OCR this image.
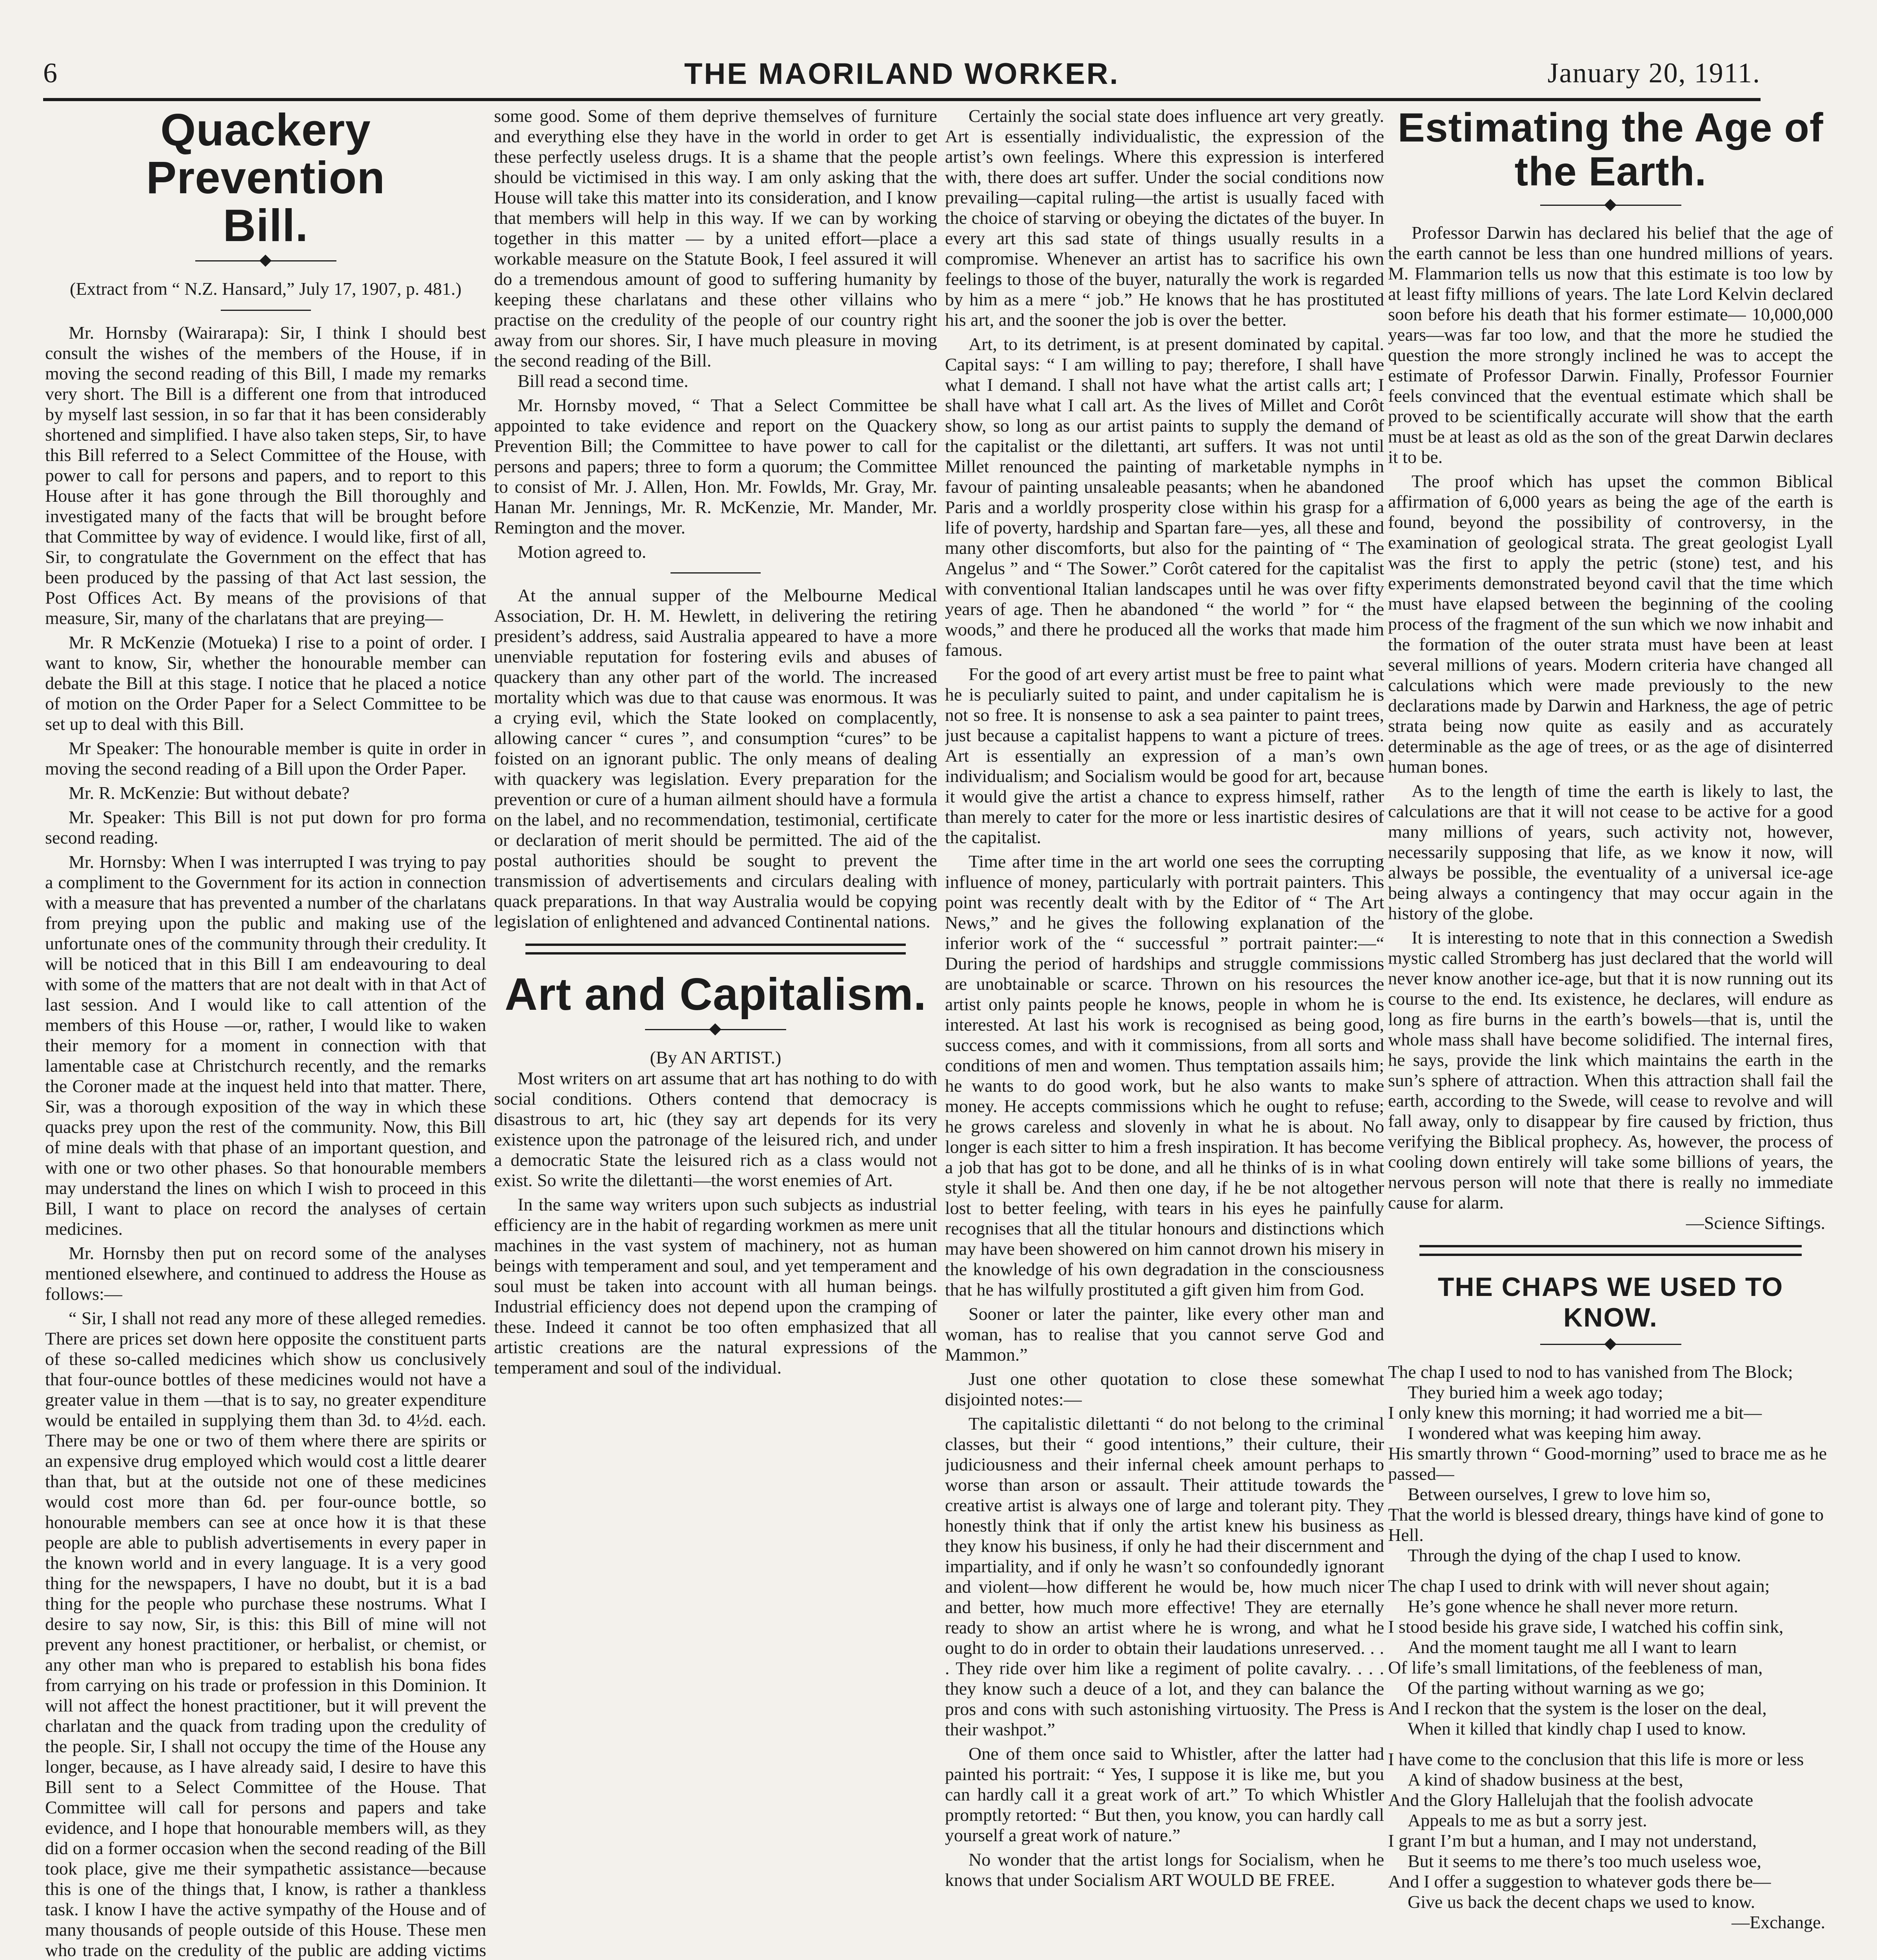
6	THE MAORILAND WORKER.	January 20, 1911.
Quackery Prevention
Bill.

(Extract from “ N.Z. Hansard,” July 17, 1907, p. 481.)

Mr. Hornsby (Wairarapa): Sir, I think I should best consult the wishes of the members of the House, if in moving the second reading of this Bill, I made my remarks very short. The Bill is a different one from that introduced by myself last session, in so far that it has been considerably shortened and simplified. I have also taken steps, Sir, to have this Bill referred to a Select Committee of the House, with power to call for persons and papers, and to report to this House after it has gone through the Bill thoroughly and investigated many of the facts that will be brought before that Committee by way of evidence. I would like, first of all, Sir, to congratulate the Government on the effect that has been produced by the passing of that Act last session, the Post Offices Act. By means of the provisions of that measure, Sir, many of the charlatans that are preying—

Mr. R McKenzie (Motueka) I rise to a point of order. I want to know, Sir, whether the honourable member can debate the Bill at this stage. I notice that he placed a notice of motion on the Order Paper for a Select Committee to be set up to deal with this Bill.

Mr Speaker: The honourable member is quite in order in moving the second reading of a Bill upon the Order Paper.

Mr. R. McKenzie: But without debate?

Mr. Speaker: This Bill is not put down for pro forma second reading.

Mr. Hornsby: When I was interrupted I was trying to pay a compliment to the Government for its action in connection with a measure that has prevented a number of the charlatans from preying upon the public and making use of the unfortunate ones of the community through their credulity. It will be noticed that in this Bill I am endeavouring to deal with some of the matters that are not dealt with in that Act of last session. And I would like to call attention of the members of this House —or, rather, I would like to waken their memory for a moment in connection with that lamentable case at Christchurch recently, and the remarks the Coroner made at the inquest held into that matter. There, Sir, was a thorough exposition of the way in which these quacks prey upon the rest of the community. Now, this Bill of mine deals with that phase of an important question, and with one or two other phases. So that honourable members may understand the lines on which I wish to proceed in this Bill, I want to place on record the analyses of certain medicines.

Mr. Hornsby then put on record some of the analyses mentioned elsewhere, and continued to address the House as follows:—

“ Sir, I shall not read any more of these alleged remedies. There are prices set down here opposite the constituent parts of these so-called medicines which show us conclusively that four-ounce bottles of these medicines would not have a greater value in them —that is to say, no greater expenditure would be entailed in supplying them than 3d. to 4½d. each. There may be one or two of them where there are spirits or an expensive drug employed which would cost a little dearer than that, but at the outside not one of these medicines would cost more than 6d. per four-ounce bottle, so honourable members can see at once how it is that these people are able to publish advertisements in every paper in the known world and in every language. It is a very good thing for the newspapers, I have no doubt, but it is a bad thing for the people who purchase these nostrums. What I desire to say now, Sir, is this: this Bill of mine will not prevent any honest practitioner, or herbalist, or chemist, or any other man who is prepared to establish his bona fides from carrying on his trade or profession in this Dominion. It will not affect the honest practitioner, but it will prevent the charlatan and the quack from trading upon the credulity of the people. Sir, I shall not occupy the time of the House any longer, because, as I have already said, I desire to have this Bill sent to a Select Committee of the House. That Committee will call for persons and papers and take evidence, and I hope that honourable members will, as they did on a former occasion when the second reading of the Bill took place, give me their sympathetic assistance—because this is one of the things that, I know, is rather a thankless task. I know I have the active sympathy of the House and of many thousands of people outside of this House. These men who trade on the credulity of the public are adding victims

some good. Some of them deprive themselves of furniture and everything else they have in the world in order to get these perfectly useless drugs. It is a shame that the people should be victimised in this way. I am only asking that the House will take this matter into its consideration, and I know that members will help in this way. If we can by working together in this matter — by a united effort—place a workable measure on the Statute Book, I feel assured it will do a tremendous amount of good to suffering humanity by keeping these charlatans and these other villains who practise on the credulity of the people of our country right away from our shores. Sir, I have much pleasure in moving the second reading of the Bill.

Bill read a second time.

Mr. Hornsby moved, “ That a Select Committee be appointed to take evidence and report on the Quackery Prevention Bill; the Committee to have power to call for persons and papers; three to form a quorum; the Committee to consist of Mr. J. Allen, Hon. Mr. Fowlds, Mr. Gray, Mr. Hanan Mr. Jennings, Mr. R. McKenzie, Mr. Mander, Mr. Remington and the mover.

Motion agreed to.

At the annual supper of the Melbourne Medical Association, Dr. H. M. Hewlett, in delivering the retiring president’s address, said Australia appeared to have a more unenviable reputation for fostering evils and abuses of quackery than any other part of the world. The increased mortality which was due to that cause was enormous. It was a crying evil, which the State looked on complacently, allowing cancer “ cures ”, and consumption “cures” to be foisted on an ignorant public. The only means of dealing with quackery was legislation. Every preparation for the prevention or cure of a human ailment should have a formula on the label, and no recommendation, testimonial, certificate or declaration of merit should be permitted. The aid of the postal authorities should be sought to prevent the transmission of advertisements and circulars dealing with quack preparations. In that way Australia would be copying legislation of enlightened and advanced Continental nations.

Art and Capitalism.

(By AN ARTIST.)

Most writers on art assume that art has nothing to do with social conditions. Others contend that democracy is disastrous to art, hic (they say art depends for its very existence upon the patronage of the leisured rich, and under a democratic State the leisured rich as a class would not exist. So write the dilettanti—the worst enemies of Art.

In the same way writers upon such subjects as industrial efficiency are in the habit of regarding workmen as mere unit machines in the vast system of machinery, not as human beings with temperament and soul, and yet temperament and soul must be taken into account with all human beings. Industrial efficiency does not depend upon the cramping of these. Indeed it cannot be too often emphasized that all artistic creations are the natural expressions of the temperament and soul of the individual.

Certainly the social state does influence art very greatly. Art is essentially individualistic, the expression of the artist’s own feelings. Where this expression is interfered with, there does art suffer. Under the social conditions now prevailing—capital ruling—the artist is usually faced with the choice of starving or obeying the dictates of the buyer. In every art this sad state of things usually results in a compromise. Whenever an artist has to sacrifice his own feelings to those of the buyer, naturally the work is regarded by him as a mere “ job.” He knows that he has prostituted his art, and the sooner the job is over the better.

Art, to its detriment, is at present dominated by capital. Capital says: “ I am willing to pay; therefore, I shall have what I demand. I shall not have what the artist calls art; I shall have what I call art. As the lives of Millet and Corôt show, so long as our artist paints to supply the demand of the capitalist or the dilettanti, art suffers. It was not until Millet renounced the painting of marketable nymphs in favour of painting unsaleable peasants; when he abandoned Paris and a worldly prosperity close within his grasp for a life of poverty, hardship and Spartan fare—yes, all these and many other discomforts, but also for the painting of “ The Angelus ” and “ The Sower.” Corôt catered for the capitalist with conventional Italian landscapes until he was over fifty years of age. Then he abandoned “ the world ” for “ the woods,” and there he produced all the works that made him famous.

For the good of art every artist must be free to paint what he is peculiarly suited to paint, and under capitalism he is not so free. It is nonsense to ask a sea painter to paint trees, just because a capitalist happens to want a picture of trees. Art is essentially an expression of a man’s own individualism; and Socialism would be good for art, because it would give the artist a chance to express himself, rather than merely to cater for the more or less inartistic desires of the capitalist.

Time after time in the art world one sees the corrupting influence of money, particularly with portrait painters. This point was recently dealt with by the Editor of “ The Art News,” and he gives the following explanation of the inferior work of the “ successful ” portrait painter:—“ During the period of hardships and struggle commissions are unobtainable or scarce. Thrown on his resources the artist only paints people he knows, people in whom he is interested. At last his work is recognised as being good, success comes, and with it commissions, from all sorts and conditions of men and women. Thus temptation assails him; he wants to do good work, but he also wants to make money. He accepts commissions which he ought to refuse; he grows careless and slovenly in what he is about. No longer is each sitter to him a fresh inspiration. It has become a job that has got to be done, and all he thinks of is in what style it shall be. And then one day, if he be not altogether lost to better feeling, with tears in his eyes he painfully recognises that all the titular honours and distinctions which may have been showered on him cannot drown his misery in the knowledge of his own degradation in the consciousness that he has wilfully prostituted a gift given him from God.

Sooner or later the painter, like every other man and woman, has to realise that you cannot serve God and Mammon.”

Just one other quotation to close these somewhat disjointed notes:—

The capitalistic dilettanti “ do not belong to the criminal classes, but their “ good intentions,” their culture, their judiciousness and their infernal cheek amount perhaps to worse than arson or assault. Their attitude towards the creative artist is always one of large and tolerant pity. They honestly think that if only the artist knew his business as they know his business, if only he had their discernment and impartiality, and if only he wasn’t so confoundedly ignorant and violent—how different he would be, how much nicer and better, how much more effective! They are eternally ready to show an artist where he is wrong, and what he ought to do in order to obtain their laudations unreserved. . . . They ride over him like a regiment of polite cavalry. . . . they know such a deuce of a lot, and they can balance the pros and cons with such astonishing virtuosity. The Press is their washpot.”

One of them once said to Whistler, after the latter had painted his portrait: “ Yes, I suppose it is like me, but you can hardly call it a great work of art.” To which Whistler promptly retorted: “ But then, you know, you can hardly call yourself a great work of nature.”

No wonder that the artist longs for Socialism, when he knows that under Socialism ART WOULD BE FREE.

Estimating the Age of
the Earth.

Professor Darwin has declared his belief that the age of the earth cannot be less than one hundred millions of years. M. Flammarion tells us now that this estimate is too low by at least fifty millions of years. The late Lord Kelvin declared soon before his death that his former estimate— 10,000,000 years—was far too low, and that the more he studied the question the more strongly inclined he was to accept the estimate of Professor Darwin. Finally, Professor Fournier feels convinced that the eventual estimate which shall be proved to be scientifically accurate will show that the earth must be at least as old as the son of the great Darwin declares it to be.

The proof which has upset the common Biblical affirmation of 6,000 years as being the age of the earth is found, beyond the possibility of controversy, in the examination of geological strata. The great geologist Lyall was the first to apply the petric (stone) test, and his experiments demonstrated beyond cavil that the time which must have elapsed between the beginning of the cooling process of the fragment of the sun which we now inhabit and the formation of the outer strata must have been at least several millions of years. Modern criteria have changed all calculations which were made previously to the new declarations made by Darwin and Harkness, the age of petric strata being now quite as easily and as accurately determinable as the age of trees, or as the age of disinterred human bones.

As to the length of time the earth is likely to last, the calculations are that it will not cease to be active for a good many millions of years, such activity not, however, necessarily supposing that life, as we know it now, will always be possible, the eventuality of a universal ice-age being always a contingency that may occur again in the history of the globe.

It is interesting to note that in this connection a Swedish mystic called Stromberg has just declared that the world will never know another ice-age, but that it is now running out its course to the end. Its existence, he declares, will endure as long as fire burns in the earth’s bowels—that is, until the whole mass shall have become solidified. The internal fires, he says, provide the link which maintains the earth in the sun’s sphere of attraction. When this attraction shall fail the earth, according to the Swede, will cease to revolve and will fall away, only to disappear by fire caused by friction, thus verifying the Biblical prophecy. As, however, the process of cooling down entirely will take some billions of years, the nervous person will note that there is really no immediate cause for alarm.

—Science Siftings.

THE CHAPS WE USED TO
KNOW.

The chap I used to nod to has vanished from The Block;

They buried him a week ago today;

I only knew this morning; it had worried me a bit—

I wondered what was keeping him away.

His smartly thrown “ Good-morning” used to brace me as he passed—

Between ourselves, I grew to love him so,

That the world is blessed dreary, things have kind of gone to Hell.

Through the dying of the chap I used to know.

The chap I used to drink with will never shout again;

He’s gone whence he shall never more return.

I stood beside his grave side, I watched his coffin sink,

And the moment taught me all I want to learn

Of life’s small limitations, of the feebleness of man,

Of the parting without warning as we go;

And I reckon that the system is the loser on the deal,

When it killed that kindly chap I used to know.

I have come to the conclusion that this life is more or less

A kind of shadow business at the best,

And the Glory Hallelujah that the foolish advocate

Appeals to me as but a sorry jest.

I grant I’m but a human, and I may not understand,

But it seems to me there’s too much useless woe,

And I offer a suggestion to whatever gods there be—

Give us back the decent chaps we used to know.

—Exchange.
